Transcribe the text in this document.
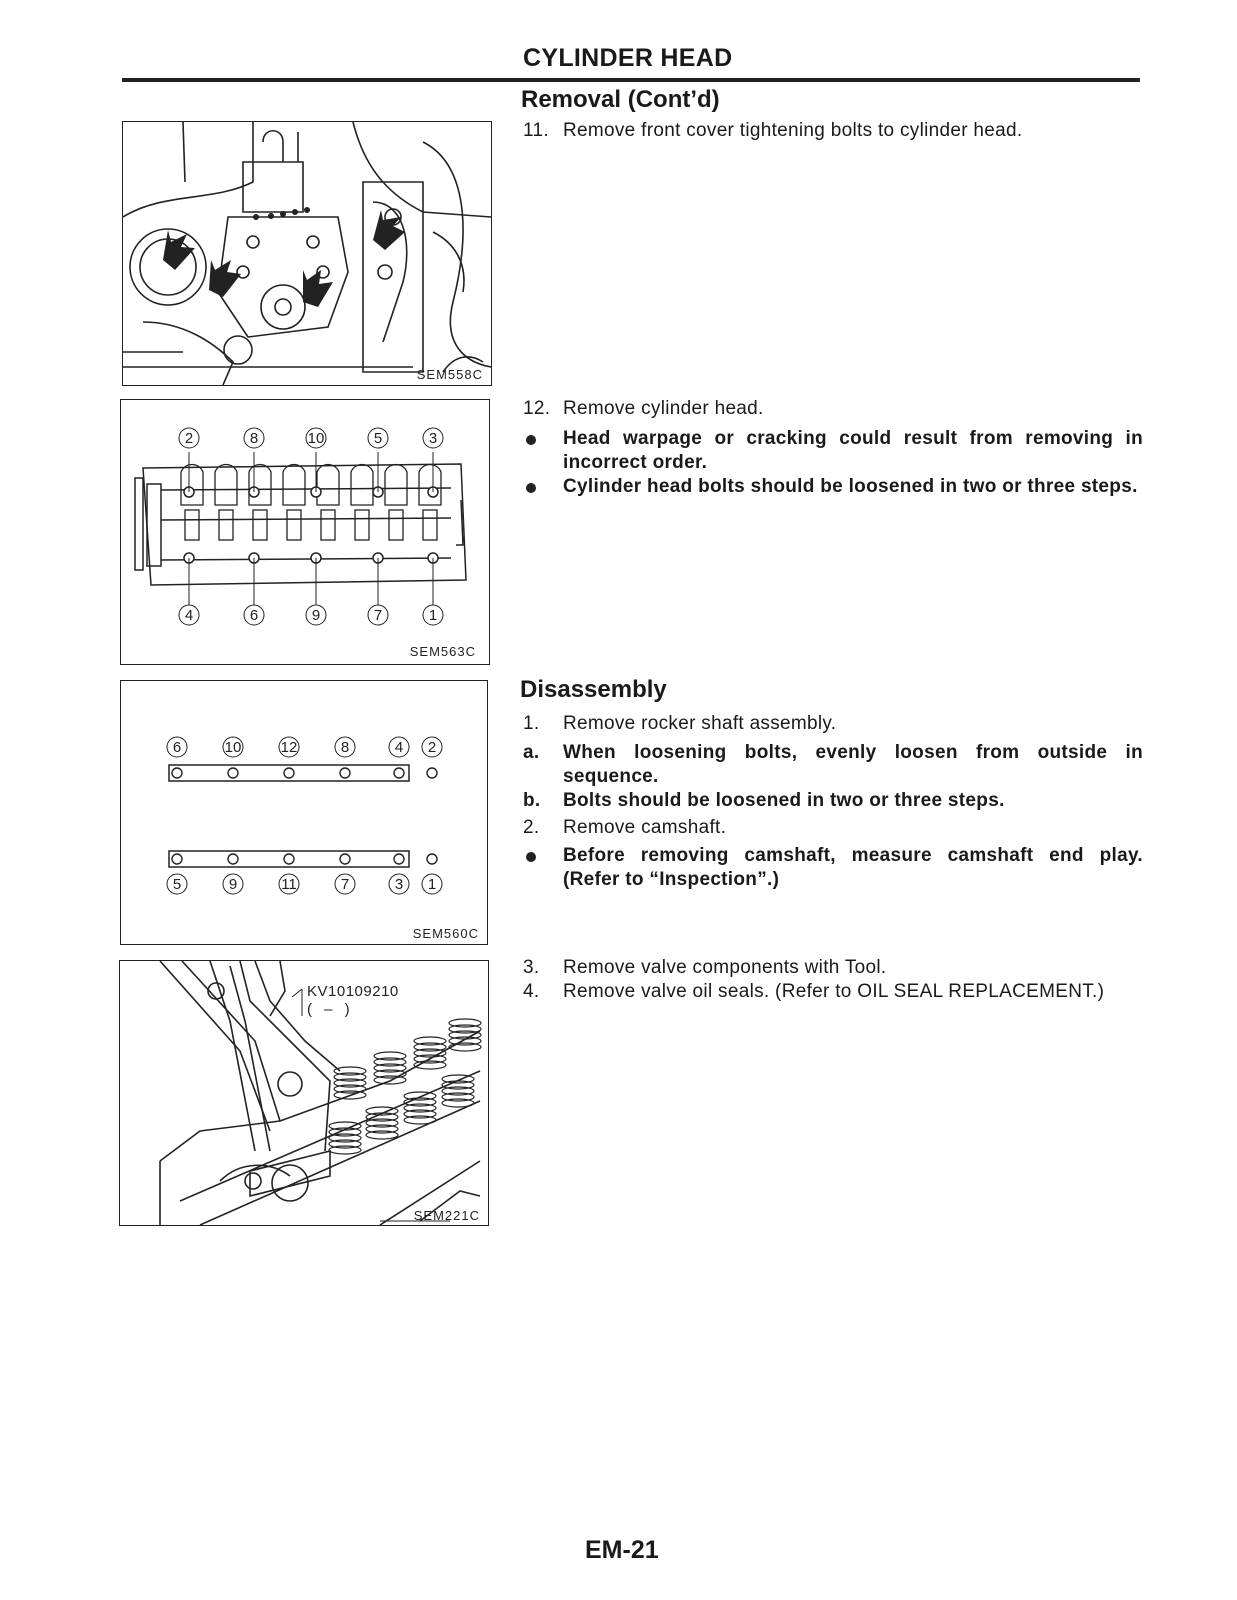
CYLINDER HEAD
Removal (Cont’d)
SEM558C
11. Remove front cover tightening bolts to cylinder head.
2	8	10	5	3
4	6	9	7	1
SEM563C
12. Remove cylinder head.
Head warpage or cracking could result from removing in incorrect order.
Cylinder head bolts should be loosened in two or three steps.
Disassembly
6	10	12	8	4 2
5	9	11	7	3 1
SEM560C
1. Remove rocker shaft assembly.
a. When loosening bolts, evenly loosen from outside in sequence.
b. Bolts should be loosened in two or three steps.
2. Remove camshaft.
Before removing camshaft, measure camshaft end play. (Refer to “Inspection”.)
KV10109210
( – )
SEM221C
3. Remove valve components with Tool.
4. Remove valve oil seals. (Refer to OIL SEAL REPLACEMENT.)
EM-21
